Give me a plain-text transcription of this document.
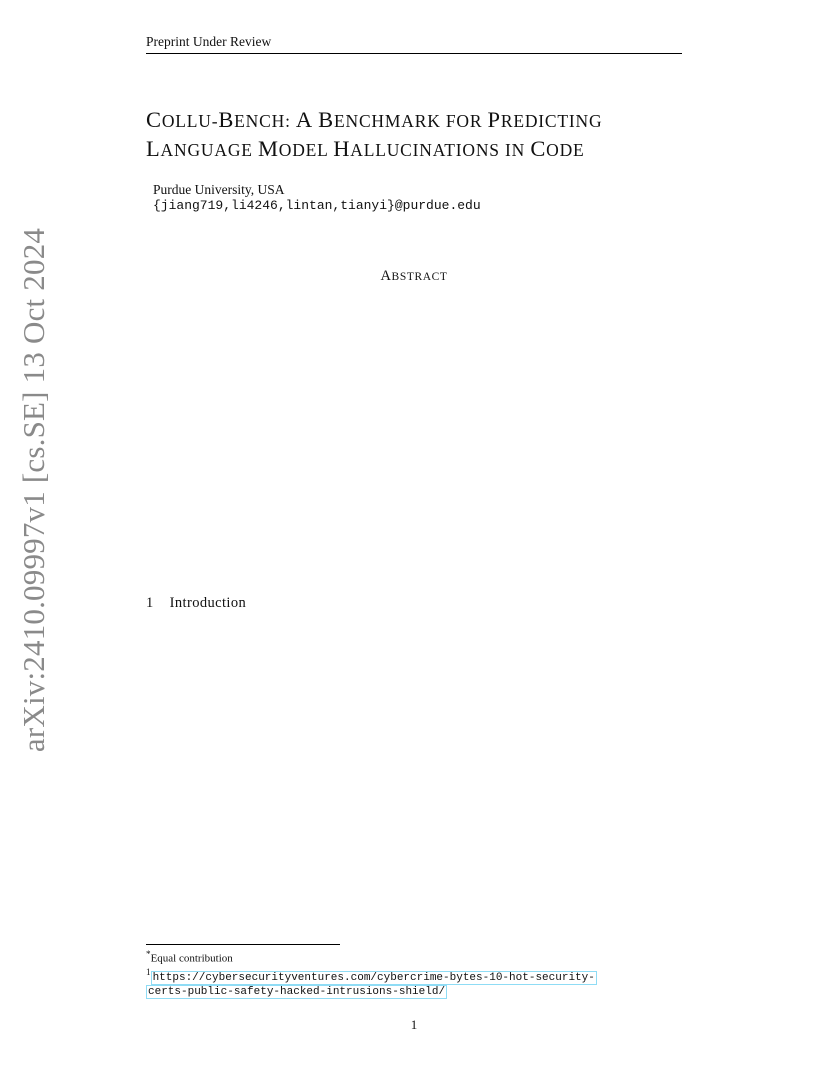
arXiv:2410.09997v1 [cs.SE] 13 Oct 2024
Preprint Under Review
COLLU-BENCH: A BENCHMARK FOR PREDICTING
LANGUAGE MODEL HALLUCINATIONS IN CODE
Purdue University, USA
{jiang719,li4246,lintan,tianyi}@purdue.edu
ABSTRACT

1 Introduction

*Equal contribution
$^1$ https://cybersecurityventures.com/cybercrime-bytes-10-hot-security-
certs-public-safety-hacked-intrusions-shield/
1
